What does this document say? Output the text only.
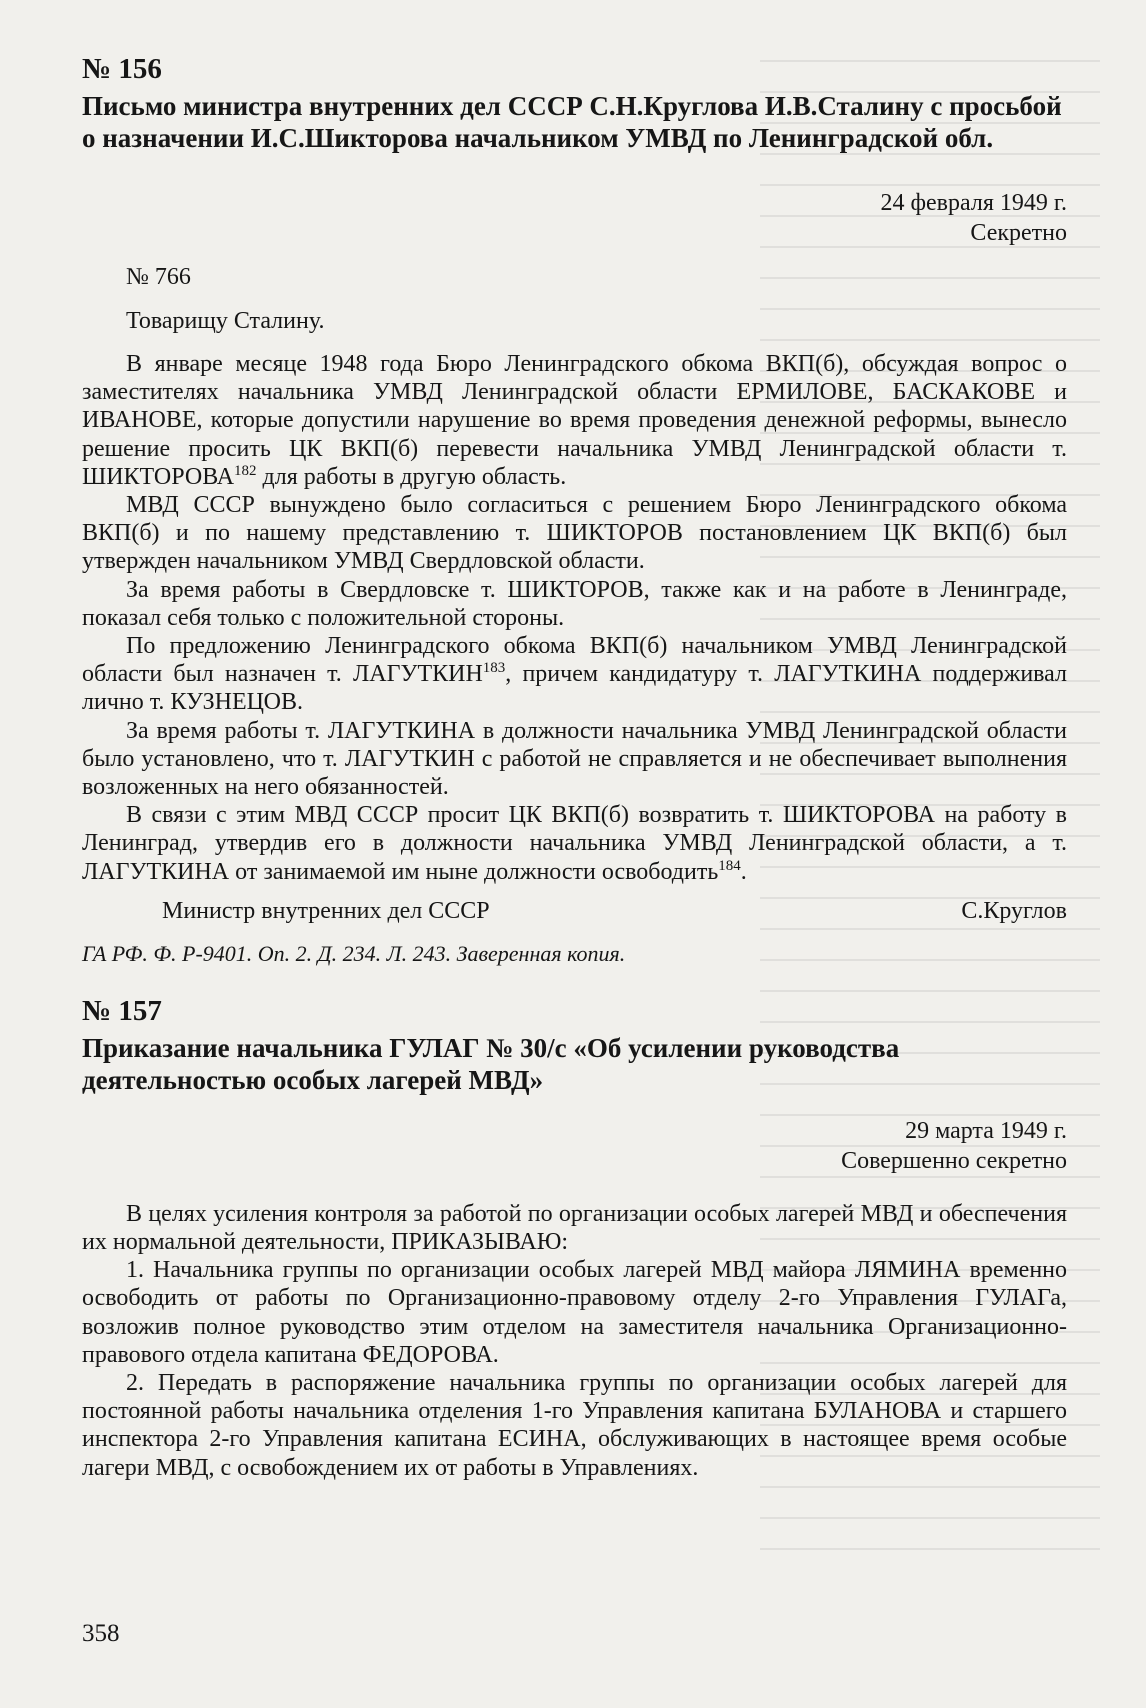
№ 156
Письмо министра внутренних дел СССР С.Н.Круглова И.В.Сталину с просьбой о назначении И.С.Шикторова начальником УМВД по Ленинградской обл.
24 февраля 1949 г.
Секретно
№ 766
Товарищу Сталину.

В январе месяце 1948 года Бюро Ленинградского обкома ВКП(б), обсуждая вопрос о заместителях начальника УМВД Ленинградской области ЕРМИЛОВЕ, БАСКАКОВЕ и ИВАНОВЕ, которые допустили нарушение во время проведения денежной реформы, вынесло решение просить ЦК ВКП(б) перевести начальника УМВД Ленинградской области т. ШИКТОРОВА$^{182}$ для работы в другую область.

МВД СССР вынуждено было согласиться с решением Бюро Ленинградского обкома ВКП(б) и по нашему представлению т. ШИКТОРОВ постановлением ЦК ВКП(б) был утвержден начальником УМВД Свердловской области.

За время работы в Свердловске т. ШИКТОРОВ, также как и на работе в Ленинграде, показал себя только с положительной стороны.

По предложению Ленинградского обкома ВКП(б) начальником УМВД Ленинградской области был назначен т. ЛАГУТКИН$^{183}$, причем кандидатуру т. ЛАГУТКИНА поддерживал лично т. КУЗНЕЦОВ.

За время работы т. ЛАГУТКИНА в должности начальника УМВД Ленинградской области было установлено, что т. ЛАГУТКИН с работой не справляется и не обеспечивает выполнения возложенных на него обязанностей.

В связи с этим МВД СССР просит ЦК ВКП(б) возвратить т. ШИКТОРОВА на работу в Ленинград, утвердив его в должности начальника УМВД Ленинградской области, а т. ЛАГУТКИНА от занимаемой им ныне должности освободить$^{184}$.

Министр внутренних дел СССР	С.Круглов
ГА РФ. Ф. Р-9401. Оп. 2. Д. 234. Л. 243. Заверенная копия.
№ 157
Приказание начальника ГУЛАГ № 30/с «Об усилении руководства деятельностью особых лагерей МВД»
29 марта 1949 г.
Совершенно секретно

В целях усиления контроля за работой по организации особых лагерей МВД и обеспечения их нормальной деятельности, ПРИКАЗЫВАЮ:

1. Начальника группы по организации особых лагерей МВД майора ЛЯМИНА временно освободить от работы по Организационно-правовому отделу 2-го Управления ГУЛАГа, возложив полное руководство этим отделом на заместителя начальника Организационно-правового отдела капитана ФЕДОРОВА.

2. Передать в распоряжение начальника группы по организации особых лагерей для постоянной работы начальника отделения 1-го Управления капитана БУЛАНОВА и старшего инспектора 2-го Управления капитана ЕСИНА, обслуживающих в настоящее время особые лагери МВД, с освобождением их от работы в Управлениях.

358
